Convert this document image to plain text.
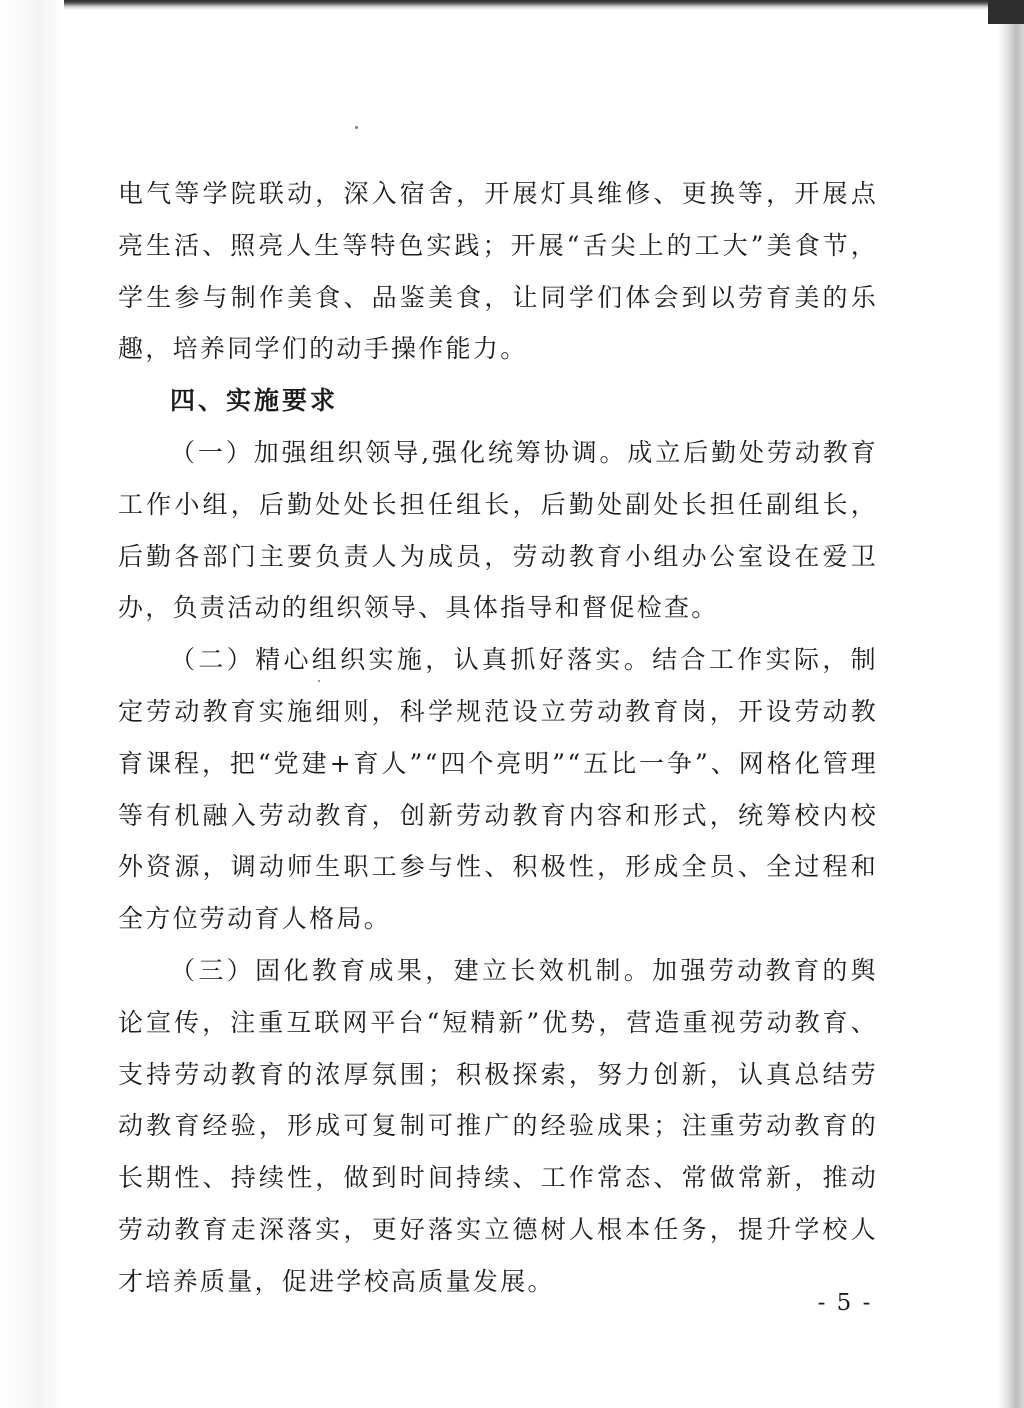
电气等学院联动，深入宿舍，开展灯具维修、更换等，开展点亮生活、照亮人生等特色实践；开展“舌尖上的工大”美食节，学生参与制作美食、品鉴美食，让同学们体会到以劳育美的乐趣，培养同学们的动手操作能力。

四、实施要求

（一）加强组织领导,强化统筹协调。成立后勤处劳动教育工作小组，后勤处处长担任组长，后勤处副处长担任副组长，后勤各部门主要负责人为成员，劳动教育小组办公室设在爱卫办，负责活动的组织领导、具体指导和督促检查。

（二）精心组织实施，认真抓好落实。结合工作实际，制定劳动教育实施细则，科学规范设立劳动教育岗，开设劳动教育课程，把“党建+育人”“四个亮明”“五比一争”、网格化管理等有机融入劳动教育，创新劳动教育内容和形式，统筹校内校外资源，调动师生职工参与性、积极性，形成全员、全过程和全方位劳动育人格局。

（三）固化教育成果，建立长效机制。加强劳动教育的舆论宣传，注重互联网平台“短精新”优势，营造重视劳动教育、支持劳动教育的浓厚氛围；积极探索，努力创新，认真总结劳动教育经验，形成可复制可推广的经验成果；注重劳动教育的长期性、持续性，做到时间持续、工作常态、常做常新，推动劳动教育走深落实，更好落实立德树人根本任务，提升学校人才培养质量，促进学校高质量发展。

- 5 -
